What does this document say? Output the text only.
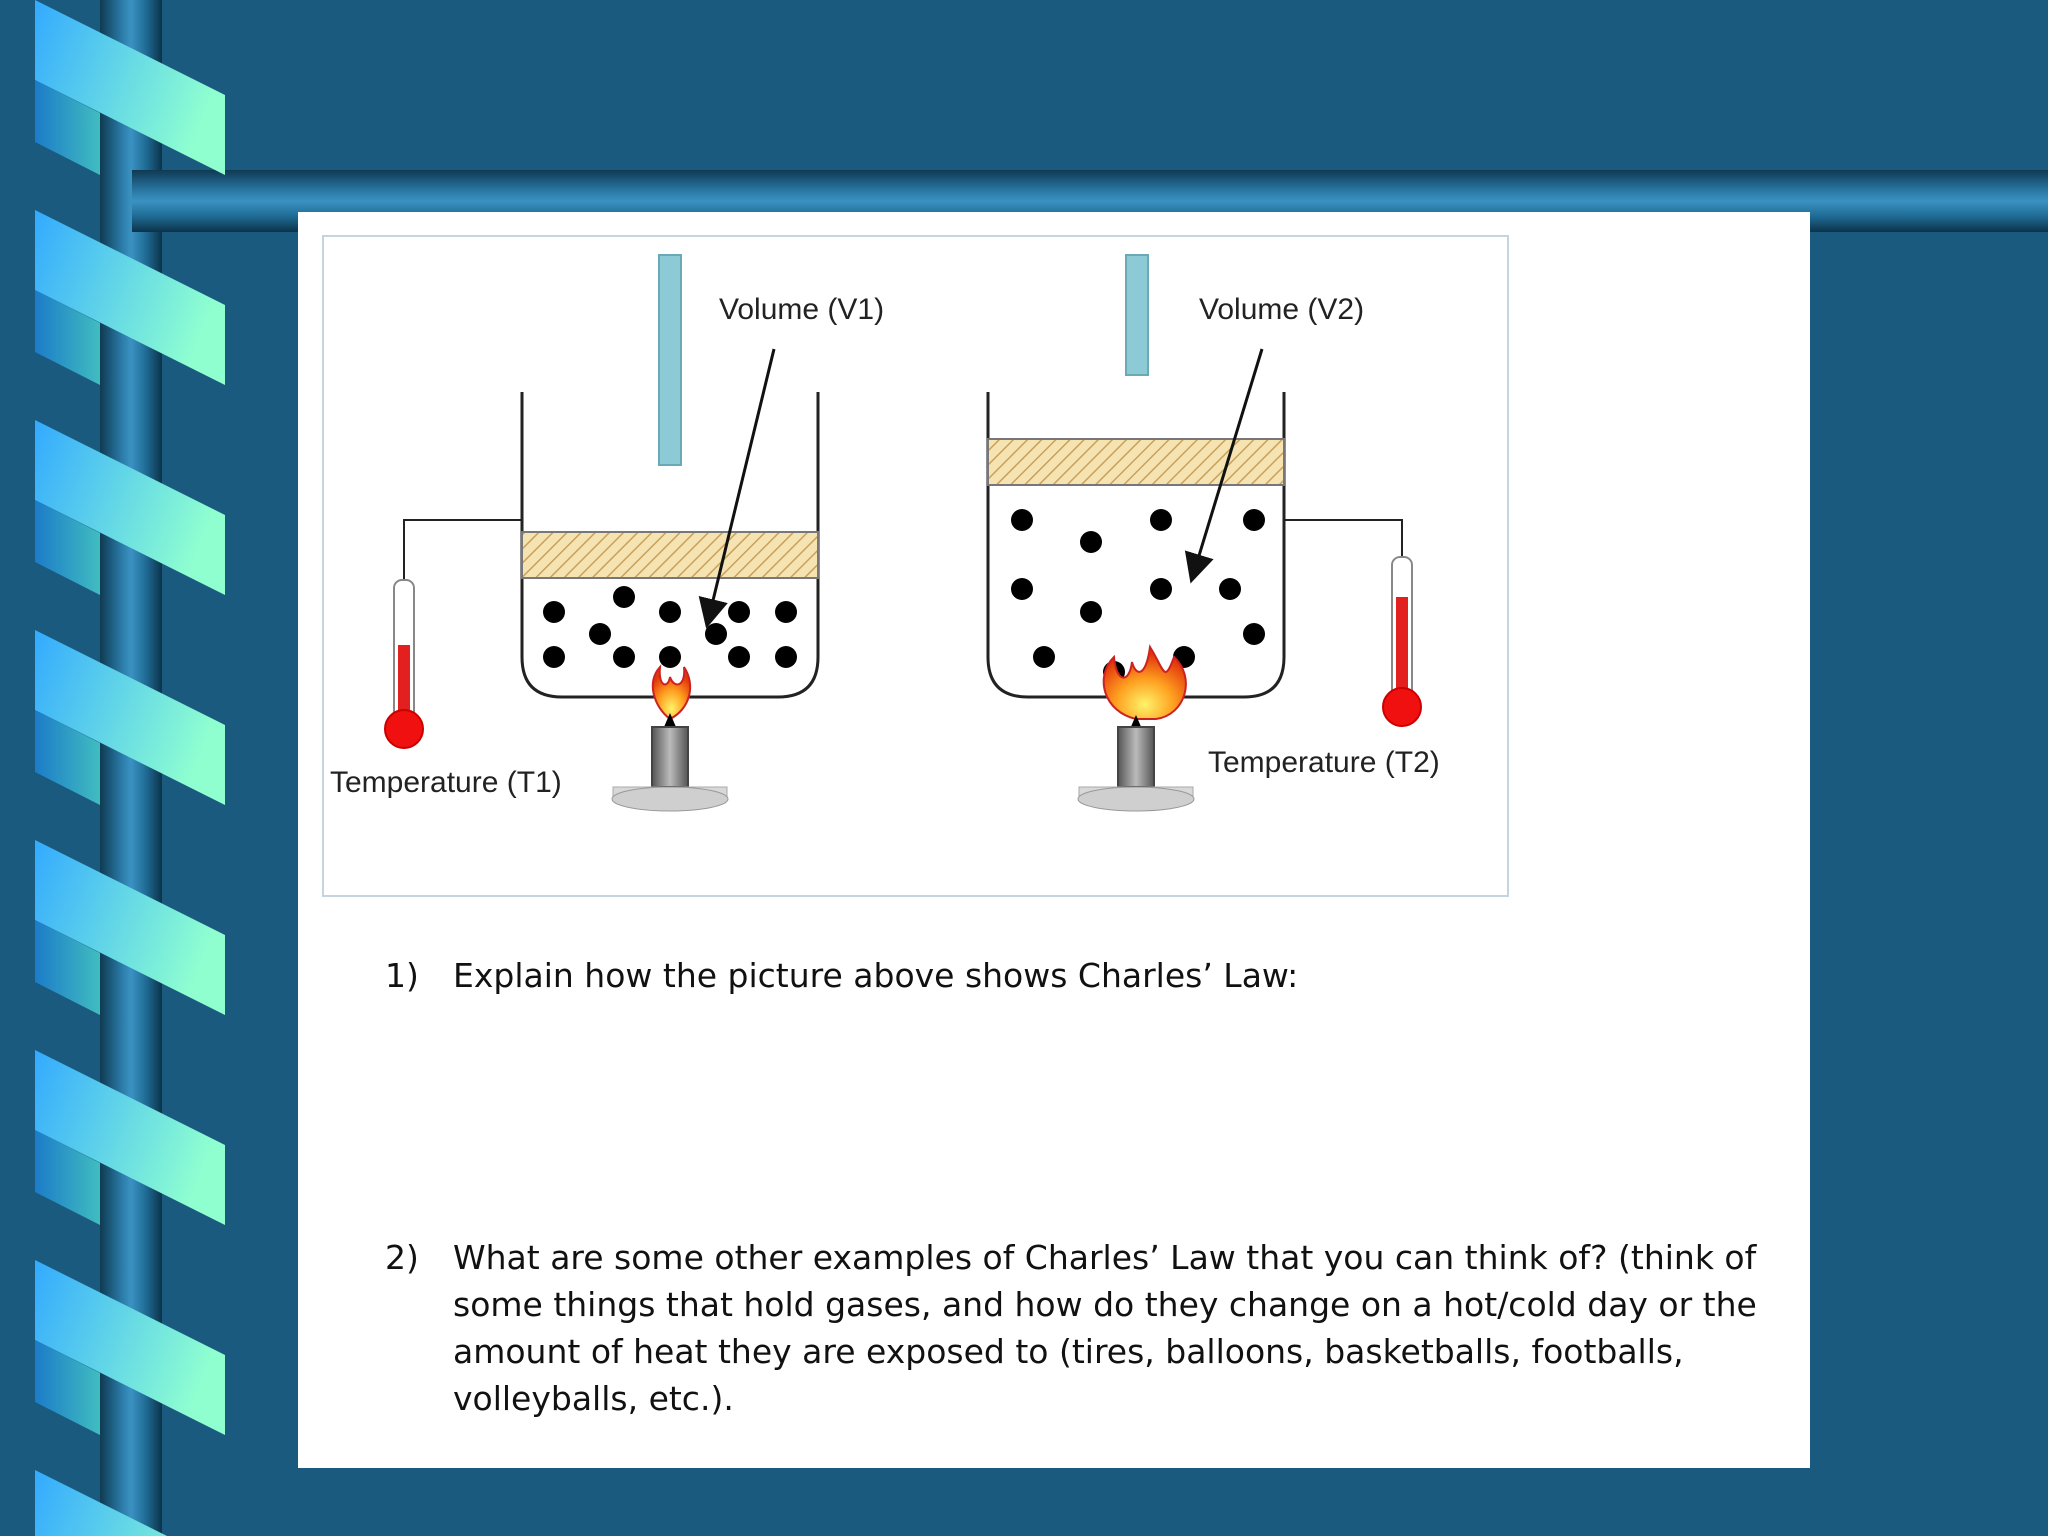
Volume (V1)
Temperature (T1)
Volume (V2)
Temperature (T2)
1) Explain how the picture above shows Charles’ Law:
2) What are some other examples of Charles’ Law that you can think of? (think of some things that hold gases, and how do they change on a hot/cold day or the amount of heat they are exposed to (tires, balloons, basketballs, footballs, volleyballs, etc.).
